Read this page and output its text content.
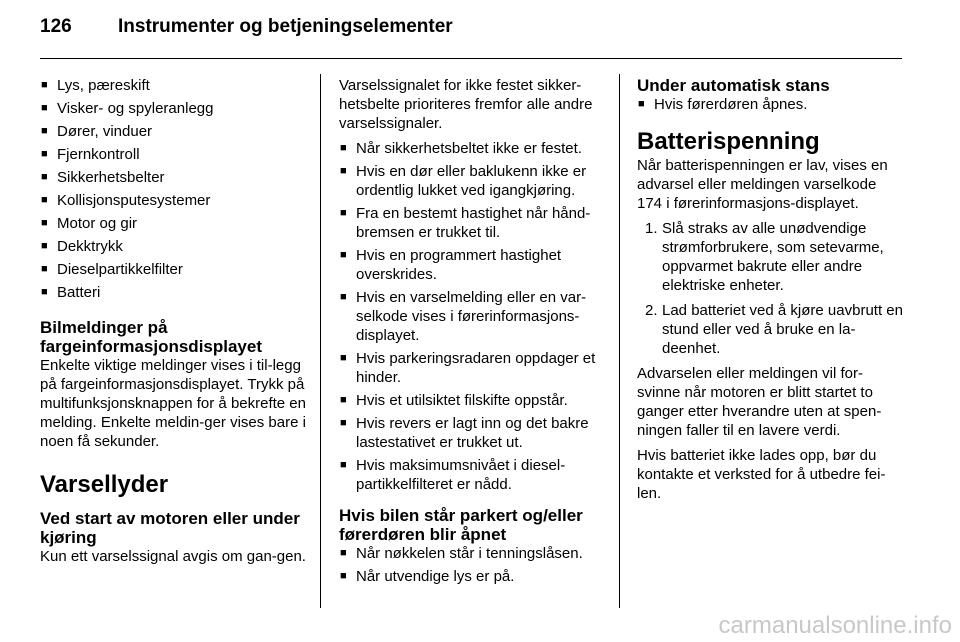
126	Instrumenter og betjeningselementer
■ Lys, pæreskift
■ Visker- og spyleranlegg
■ Dører, vinduer
■ Fjernkontroll
■ Sikkerhetsbelter
■ Kollisjonsputesystemer
■ Motor og gir
■ Dekktrykk
■ Dieselpartikkelfilter
■ Batteri
Bilmeldinger på fargeinformasjonsdisplayet

Enkelte viktige meldinger vises i til-legg på fargeinformasjonsdisplayet. Trykk på multifunksjonsknappen for å bekrefte en melding. Enkelte meldin-ger vises bare i noen få sekunder.

Varsellyder
Ved start av motoren eller under kjøring

Kun ett varselssignal avgis om gan-gen.

Varselssignalet for ikke festet sikker-hetsbelte prioriteres fremfor alle andre varselssignaler.

■ Når sikkerhetsbeltet ikke er festet.
■ Hvis en dør eller baklukenn ikke er ordentlig lukket ved igangkjøring.
■ Fra en bestemt hastighet når hånd-bremsen er trukket til.
■ Hvis en programmert hastighet overskrides.
■ Hvis en varselmelding eller en var-selkode vises i førerinformasjons-displayet.
■ Hvis parkeringsradaren oppdager et hinder.
■ Hvis et utilsiktet filskifte oppstår.
■ Hvis revers er lagt inn og det bakre lastestativet er trukket ut.
■ Hvis maksimumsnivået i diesel-partikkelfilteret er nådd.
Hvis bilen står parkert og/eller førerdøren blir åpnet
■ Når nøkkelen står i tenningslåsen.
■ Når utvendige lys er på.
Under automatisk stans
■ Hvis førerdøren åpnes.
Batterispenning

Når batterispenningen er lav, vises en advarsel eller meldingen varselkode 174 i førerinformasjons-displayet.

1. Slå straks av alle unødvendige strømforbrukere, som setevarme, oppvarmet bakrute eller andre elektriske enheter.
2. Lad batteriet ved å kjøre uavbrutt en stund eller ved å bruke en la-deenhet.

Advarselen eller meldingen vil for-svinne når motoren er blitt startet to ganger etter hverandre uten at spen-ningen faller til en lavere verdi.

Hvis batteriet ikke lades opp, bør du kontakte et verksted for å utbedre fei-len.

carmanualsonline.info
